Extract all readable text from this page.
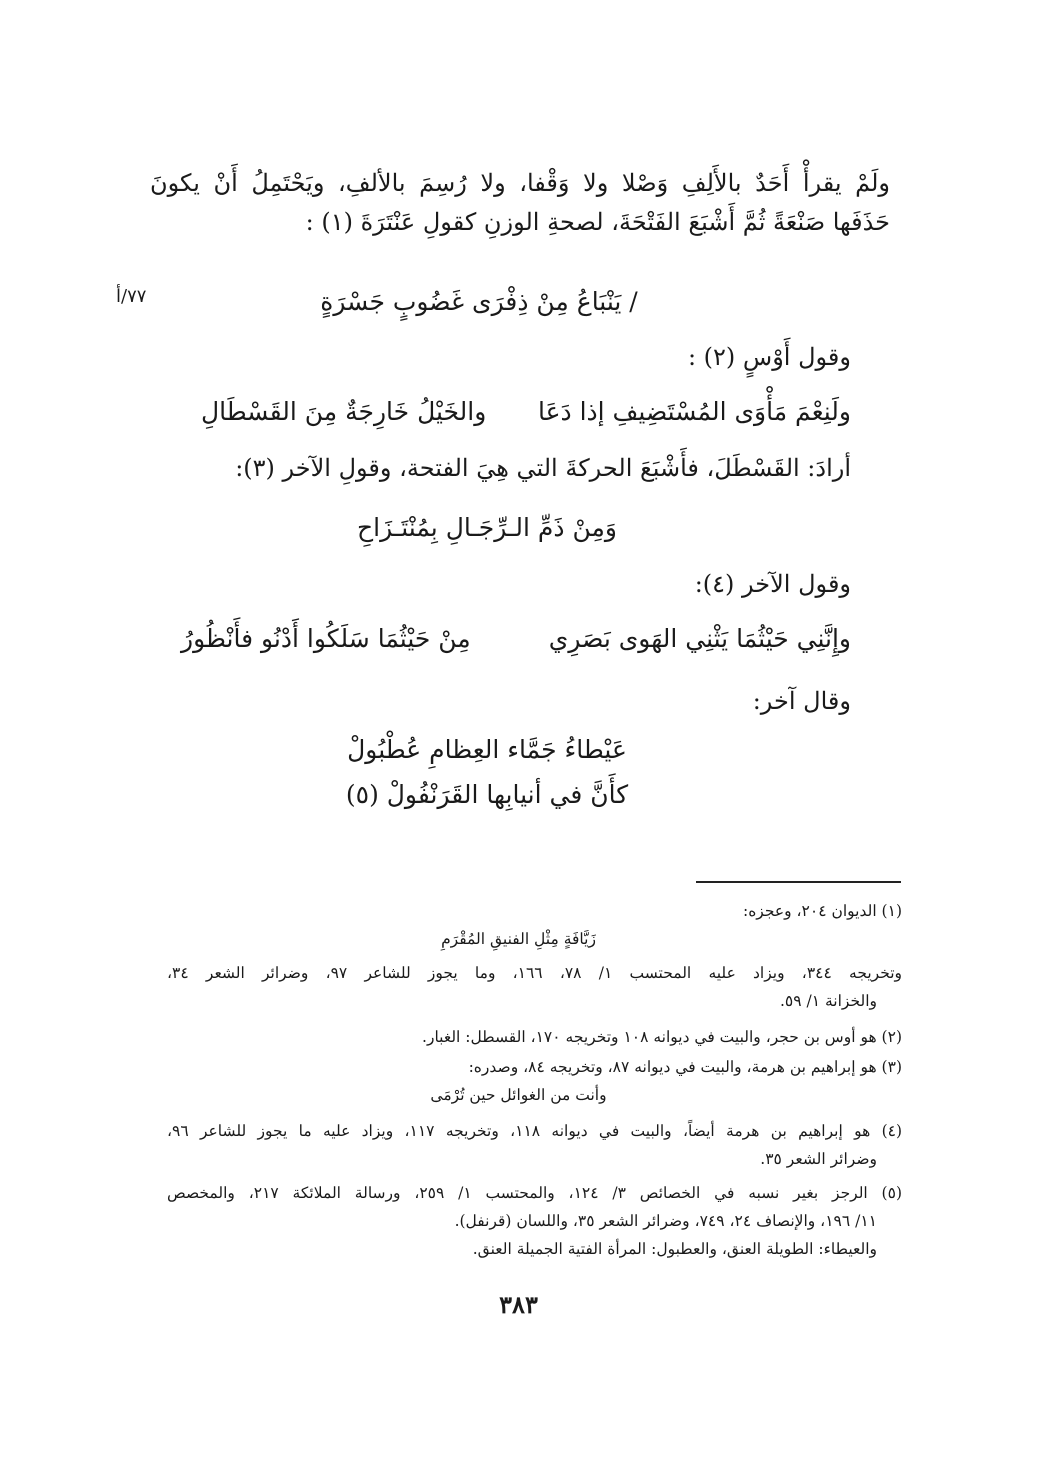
ولَمْ يقرأْ أَحَدٌ بالأَلِفِ وَصْلا ولا وَقْفا، ولا رُسِمَ بالألفِ، ويَحْتَمِلُ أَنْ يكونَ
حَذَفَها صَنْعَةً ثُمَّ أَشْبَعَ الفَتْحَةَ، لصحةِ الوزنِ كقولِ عَنْتَرَةَ (١) :
/ يَنْبَاعُ مِنْ ذِفْرَى غَضُوبٍ جَسْرَةٍ
٧٧/أ
وقول أَوْسٍ (٢) :
ولَنِعْمَ مَأْوَى المُسْتَضِيفِ إذا دَعَا
والخَيْلُ خَارِجَةٌ مِنَ القَسْطَالِ
أرادَ: القَسْطَلَ، فأَشْبَعَ الحركةَ التي هِيَ الفتحة، وقولِ الآخر (٣):
وَمِنْ ذَمِّ الـرِّجَـالِ بِمُنْتَـزَاحِ
وقول الآخر (٤):
وإِنَّنِي حَيْثُمَا يَثْنِي الهَوى بَصَرِي
مِنْ حَيْثُمَا سَلَكُوا أَدْنُو فأَنْظُورُ
وقال آخر:
عَيْطاءُ جَمَّاء العِظامِ عُطْبُولْ
كأَنَّ في أنيابِها القَرَنْفُولْ (٥)
(١) الديوان ٢٠٤، وعجزه:
زَيَّافَةٍ مِثْلِ الفنيقِ المُقْرَمِ
وتخريجه ٣٤٤، ويزاد عليه المحتسب ١/ ٧٨، ١٦٦، وما يجوز للشاعر ٩٧، وضرائر الشعر ٣٤،
والخزانة ١/ ٥٩.
(٢) هو أوس بن حجر، والبيت في ديوانه ١٠٨ وتخريجه ١٧٠، القسطل: الغبار.
(٣) هو إبراهيم بن هرمة، والبيت في ديوانه ٨٧، وتخريجه ٨٤، وصدره:
وأنت من الغوائل حين تُرْمَى
(٤) هو إبراهيم بن هرمة أيضاً، والبيت في ديوانه ١١٨، وتخريجه ١١٧، ويزاد عليه ما يجوز للشاعر ٩٦،
وضرائر الشعر ٣٥.
(٥) الرجز بغير نسبه في الخصائص ٣/ ١٢٤، والمحتسب ١/ ٢٥٩، ورسالة الملائكة ٢١٧، والمخصص
١١/ ١٩٦، والإنصاف ٢٤، ٧٤٩، وضرائر الشعر ٣٥، واللسان (قرنفل).
والعيطاء: الطويلة العنق، والعطبول: المرأة الفتية الجميلة العنق.
٣٨٣
